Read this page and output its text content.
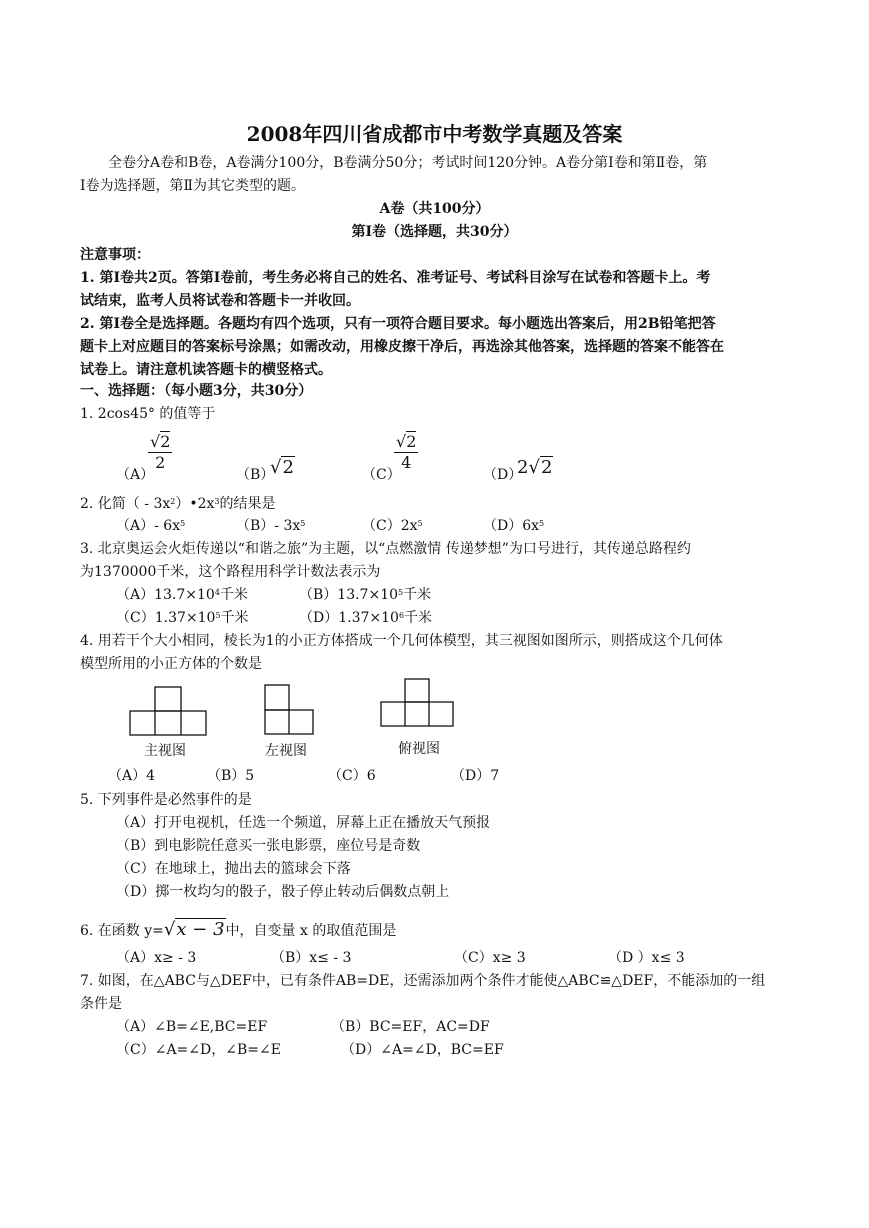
2008年四川省成都市中考数学真题及答案
全卷分A卷和B卷，A卷满分100分，B卷满分50分；考试时间120分钟。A卷分第Ⅰ卷和第Ⅱ卷，第
Ⅰ卷为选择题，第Ⅱ为其它类型的题。
A卷（共100分）
第Ⅰ卷（选择题，共30分）
注意事项：
1. 第Ⅰ卷共2页。答第Ⅰ卷前，考生务必将自己的姓名、准考证号、考试科目涂写在试卷和答题卡上。考
试结束，监考人员将试卷和答题卡一并收回。
2. 第Ⅰ卷全是选择题。各题均有四个选项，只有一项符合题目要求。每小题选出答案后，用2B铅笔把答
题卡上对应题目的答案标号涂黑；如需改动，用橡皮擦干净后，再选涂其他答案，选择题的答案不能答在
试卷上。请注意机读答题卡的横竖格式。
一、选择题：（每小题3分，共30分）
1. 2cos45° 的值等于
（A）
$\frac{√2}{2}$
（B）
√2	（C）
$\frac{√2}{4}$
（D）
2√2
2. 化简（ - $3x^2)•2x^3$的结果是
（A）- $6x^5$	（B）- $3x^5$	$(C)2x^5$	$(D)6x^5$
3. 北京奥运会火炬传递以“和谐之旅”为主题，以“点燃激情 传递梦想”为口号进行，其传递总路程约
为1370000千米，这个路程用科学计数法表示为
$(A)13.7\times 10^4$千米	$(B)13.7\times 10^5$千米
$(C)1.37\times 10^5$千米	$(D)1.37\times 10^6$千米
4. 用若干个大小相同，棱长为1的小正方体搭成一个几何体模型，其三视图如图所示，则搭成这个几何体
模型所用的小正方体的个数是
主视图	左视图	俯视图
（A）4	（B）5	（C）6	（D）7
5. 下列事件是必然事件的是
（A）打开电视机，任选一个频道，屏幕上正在播放天气预报
（B）到电影院任意买一张电影票，座位号是奇数
（C）在地球上，抛出去的篮球会下落
（D）掷一枚均匀的骰子，骰子停止转动后偶数点朝上
6. 在函数 y=√x − 3中，自变量 x 的取值范围是
（A）x≥ - 3	（B）x≤ - 3	（C）x≥ 3	（D ）x≤ 3
7. 如图，在△ABC与△DEF中，已有条件AB=DE，还需添加两个条件才能使△ABC≌△DEF，不能添加的一组
条件是
（A）∠B=∠E,BC=EF	（B）BC=EF，AC=DF
（C）∠A=∠D，∠B=∠E	（D）∠A=∠D，BC=EF
